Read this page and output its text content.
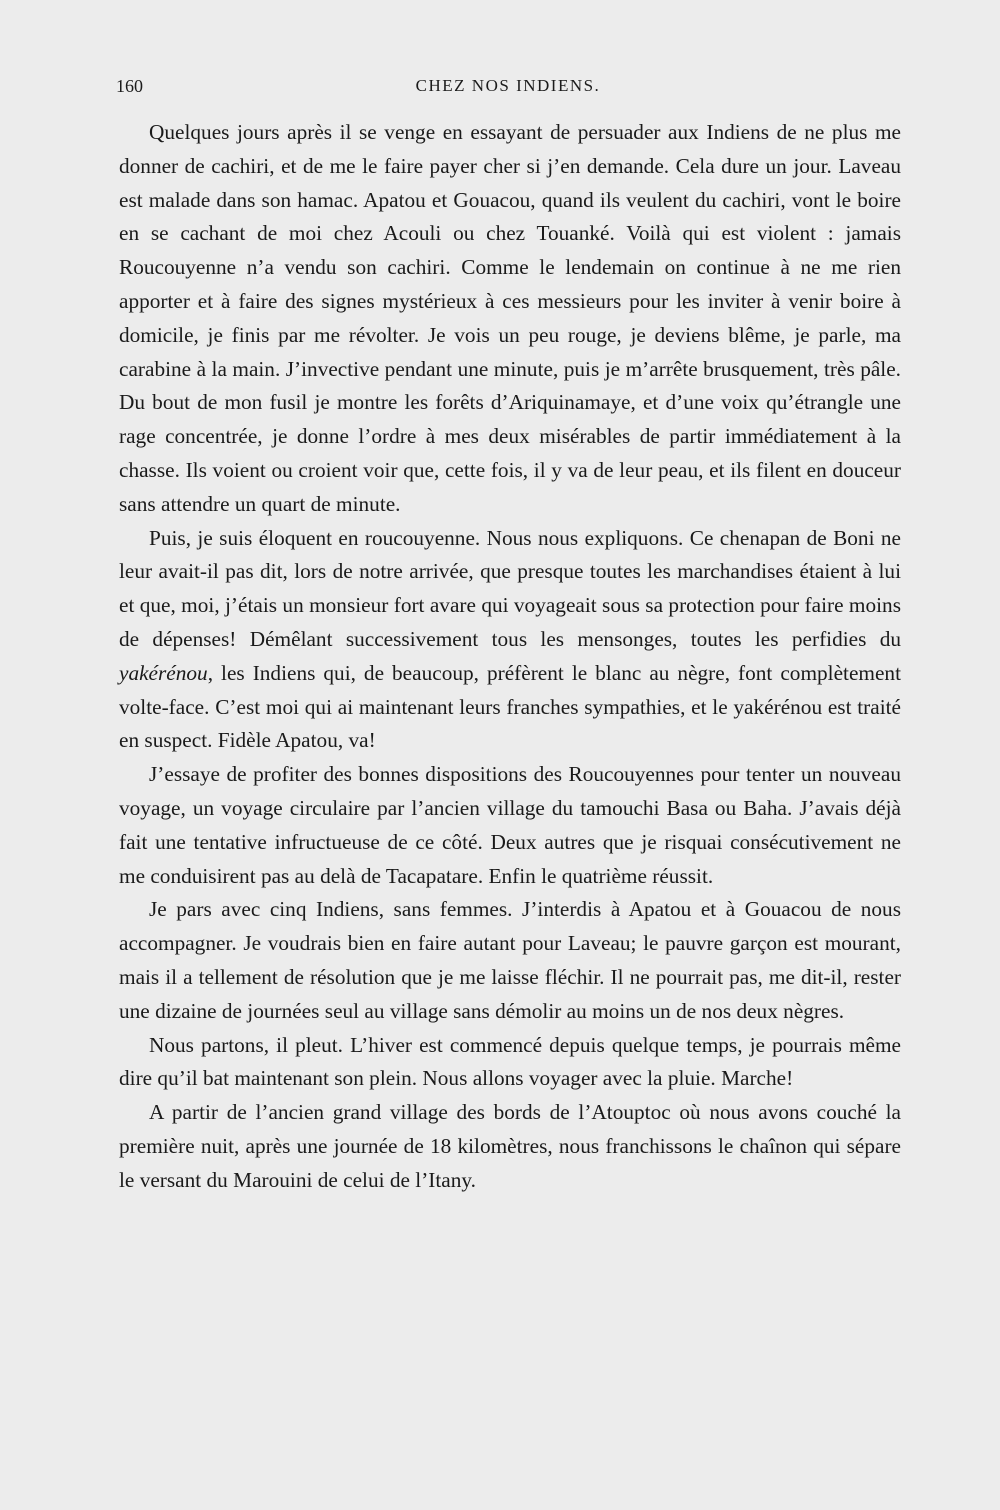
160	CHEZ NOS INDIENS.

Quelques jours après il se venge en essayant de persuader aux Indiens de ne plus me donner de cachiri, et de me le faire payer cher si j’en demande. Cela dure un jour. Laveau est malade dans son hamac. Apatou et Gouacou, quand ils veulent du cachiri, vont le boire en se cachant de moi chez Acouli ou chez Touanké. Voilà qui est violent : jamais Roucouyenne n’a vendu son cachiri. Comme le lendemain on continue à ne me rien apporter et à faire des signes mystérieux à ces messieurs pour les inviter à venir boire à domicile, je finis par me révolter. Je vois un peu rouge, je deviens blême, je parle, ma carabine à la main. J’invective pendant une minute, puis je m’arrête brusquement, très pâle. Du bout de mon fusil je montre les forêts d’Ariquinamaye, et d’une voix qu’étrangle une rage concentrée, je donne l’ordre à mes deux misérables de partir immédiatement à la chasse. Ils voient ou croient voir que, cette fois, il y va de leur peau, et ils filent en douceur sans attendre un quart de minute.

Puis, je suis éloquent en roucouyenne. Nous nous expliquons. Ce chenapan de Boni ne leur avait-il pas dit, lors de notre arrivée, que presque toutes les marchandises étaient à lui et que, moi, j’étais un monsieur fort avare qui voyageait sous sa protection pour faire moins de dépenses! Démêlant successivement tous les mensonges, toutes les perfidies du yakérénou, les Indiens qui, de beaucoup, préfèrent le blanc au nègre, font complètement volte-face. C’est moi qui ai maintenant leurs franches sympathies, et le yakérénou est traité en suspect. Fidèle Apatou, va!

J’essaye de profiter des bonnes dispositions des Roucouyennes pour tenter un nouveau voyage, un voyage circulaire par l’ancien village du tamouchi Basa ou Baha. J’avais déjà fait une tentative infructueuse de ce côté. Deux autres que je risquai consécutivement ne me conduisirent pas au delà de Tacapatare. Enfin le quatrième réussit.

Je pars avec cinq Indiens, sans femmes. J’interdis à Apatou et à Gouacou de nous accompagner. Je voudrais bien en faire autant pour Laveau; le pauvre garçon est mourant, mais il a tellement de résolution que je me laisse fléchir. Il ne pourrait pas, me dit-il, rester une dizaine de journées seul au village sans démolir au moins un de nos deux nègres.

Nous partons, il pleut. L’hiver est commencé depuis quelque temps, je pourrais même dire qu’il bat maintenant son plein. Nous allons voyager avec la pluie. Marche!

A partir de l’ancien grand village des bords de l’Atouptoc où nous avons couché la première nuit, après une journée de 18 kilomètres, nous franchissons le chaînon qui sépare le versant du Marouini de celui de l’Itany.
